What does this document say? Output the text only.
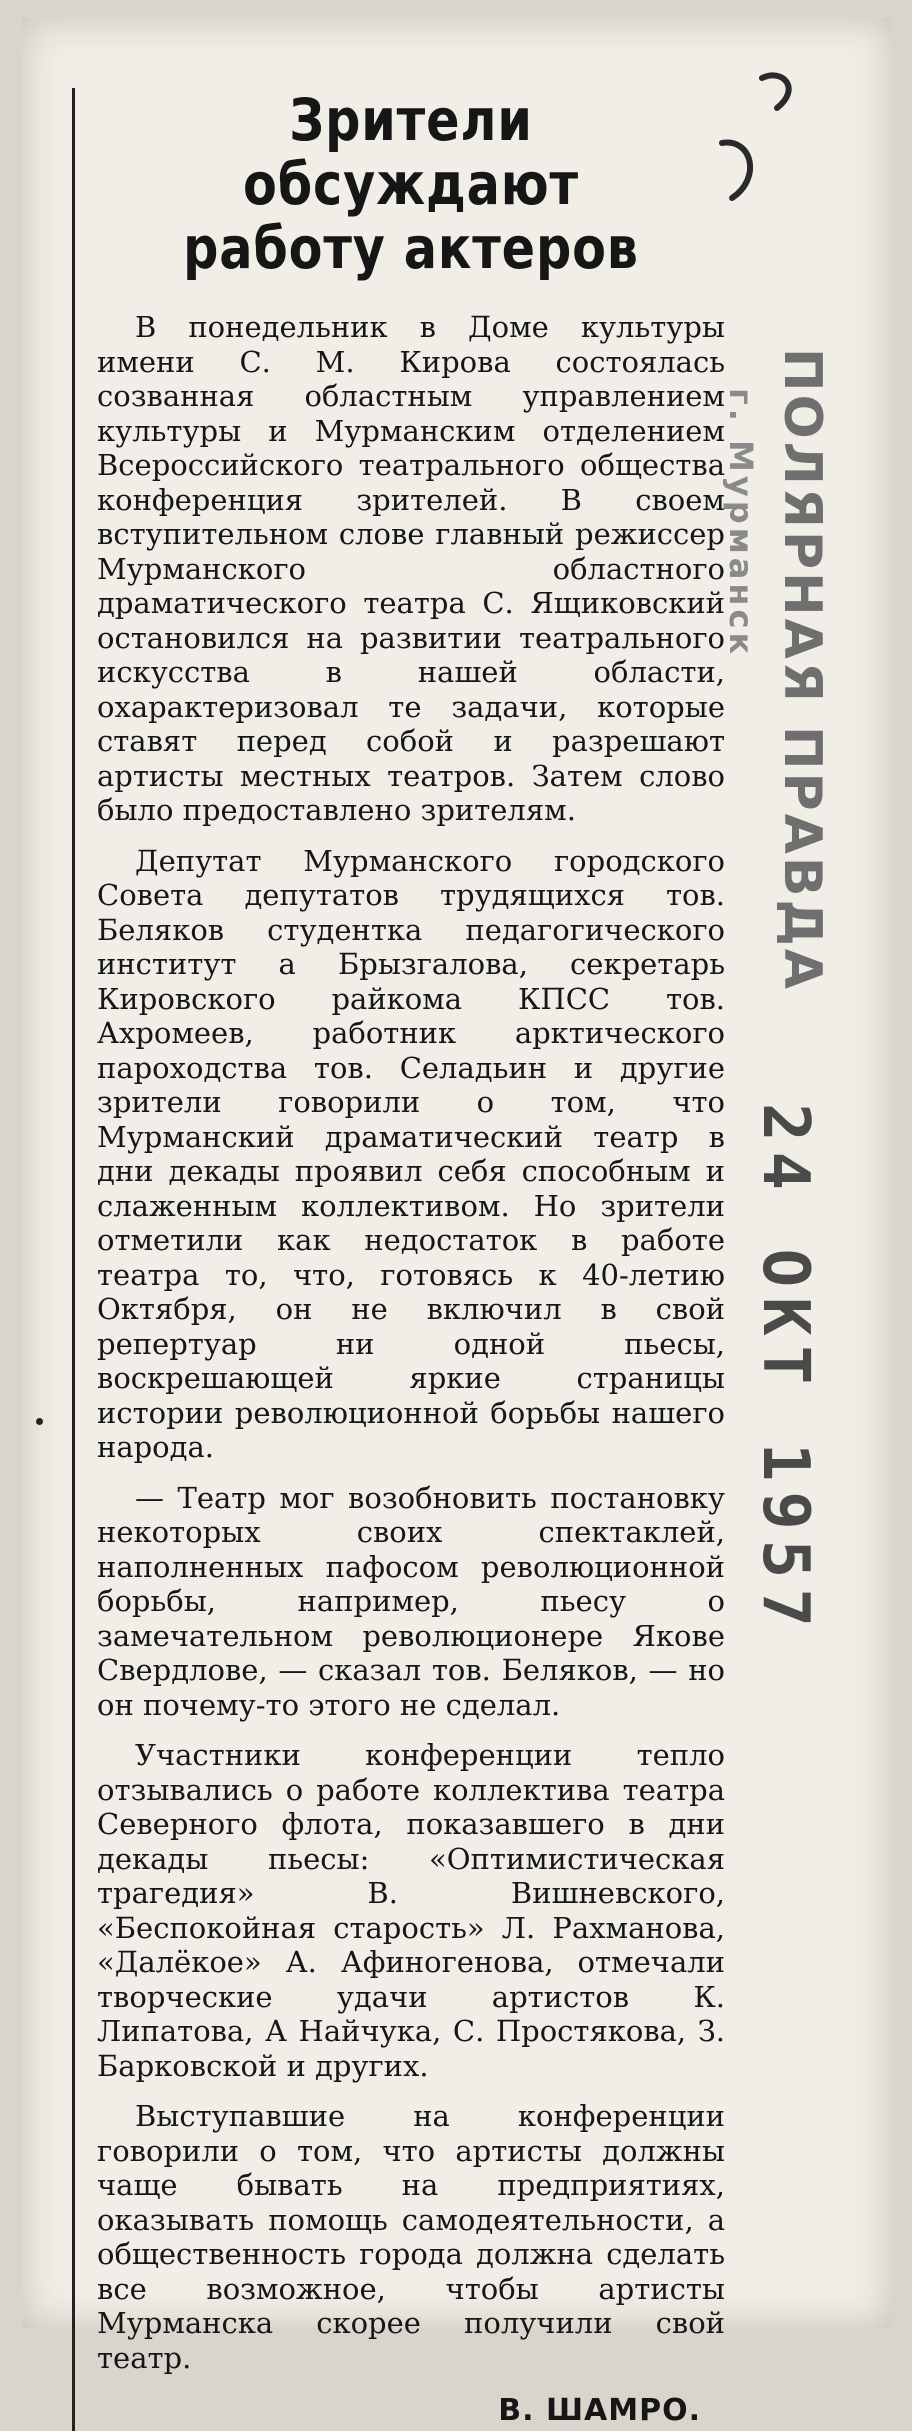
ПОЛЯРНАЯ ПРАВДА
г. Мурманск
24 ОКТ 1957
Зрители обсуждают
работу актеров

В понедельник в Доме культуры имени С. М. Кирова состоялась созванная областным управлением культуры и Мурманским отделением Всероссийского театрального общества конференция зрителей. В своем вступительном слове главный режиссер Мурманского областного драматического театра С. Ящиковский остановился на развитии театрального искусства в нашей области, охарактеризовал те задачи, которые ставят перед собой и разрешают артисты местных театров. Затем слово было предоставлено зрителям.

Депутат Мурманского городского Совета депутатов трудящихся тов. Беляков студентка педагогического институт а Брызгалова, секретарь Кировского райкома КПСС тов. Ахромеев, работник арктического пароходства тов. Селадьин и другие зрители говорили о том, что Мурманский драматический театр в дни декады проявил себя способным и слаженным коллективом. Но зрители отметили как недостаток в работе театра то, что, готовясь к 40-летию Октября, он не включил в свой репертуар ни одной пьесы, воскрешающей яркие страницы истории революционной борьбы нашего народа.

— Театр мог возобновить постановку некоторых своих спектаклей, наполненных пафосом революционной борьбы, например, пьесу о замечательном революционере Якове Свердлове, — сказал тов. Беляков, — но он почему-то этого не сделал.

Участники конференции тепло отзывались о работе коллектива театра Северного флота, показавшего в дни декады пьесы: «Оптимистическая трагедия» В. Вишневского, «Беспокойная старость» Л. Рахманова, «Далёкое» А. Афиногенова, отмечали творческие удачи артистов К. Липатова, А Найчука, С. Простякова, З. Барковской и других.

Выступавшие на конференции говорили о том, что артисты должны чаще бывать на предприятиях, оказывать помощь самодеятельности, а общественность города должна сделать все возможное, чтобы артисты Мурманска скорее получили свой театр.

В. ШАМРО.
